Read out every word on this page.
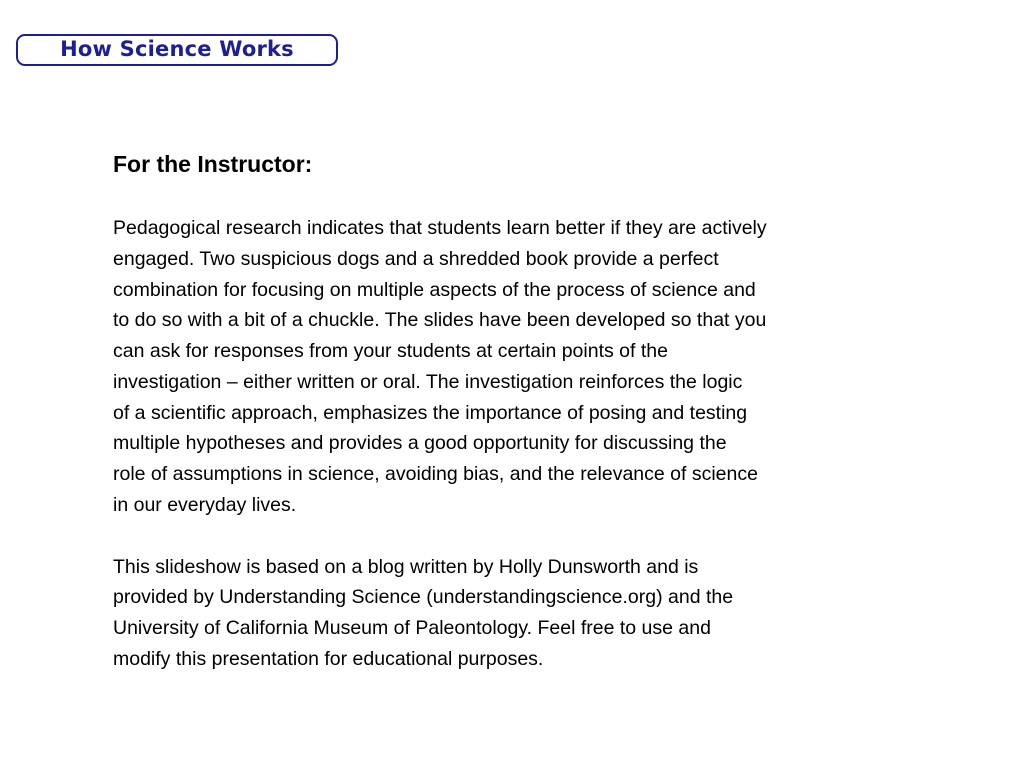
How Science Works
For the Instructor:

Pedagogical research indicates that students learn better if they are actively
engaged. Two suspicious dogs and a shredded book provide a perfect
combination for focusing on multiple aspects of the process of science and
to do so with a bit of a chuckle. The slides have been developed so that you
can ask for responses from your students at certain points of the
investigation – either written or oral. The investigation reinforces the logic
of a scientific approach, emphasizes the importance of posing and testing
multiple hypotheses and provides a good opportunity for discussing the
role of assumptions in science, avoiding bias, and the relevance of science
in our everyday lives.

This slideshow is based on a blog written by Holly Dunsworth and is
provided by Understanding Science (understandingscience.org) and the
University of California Museum of Paleontology. Feel free to use and
modify this presentation for educational purposes.
